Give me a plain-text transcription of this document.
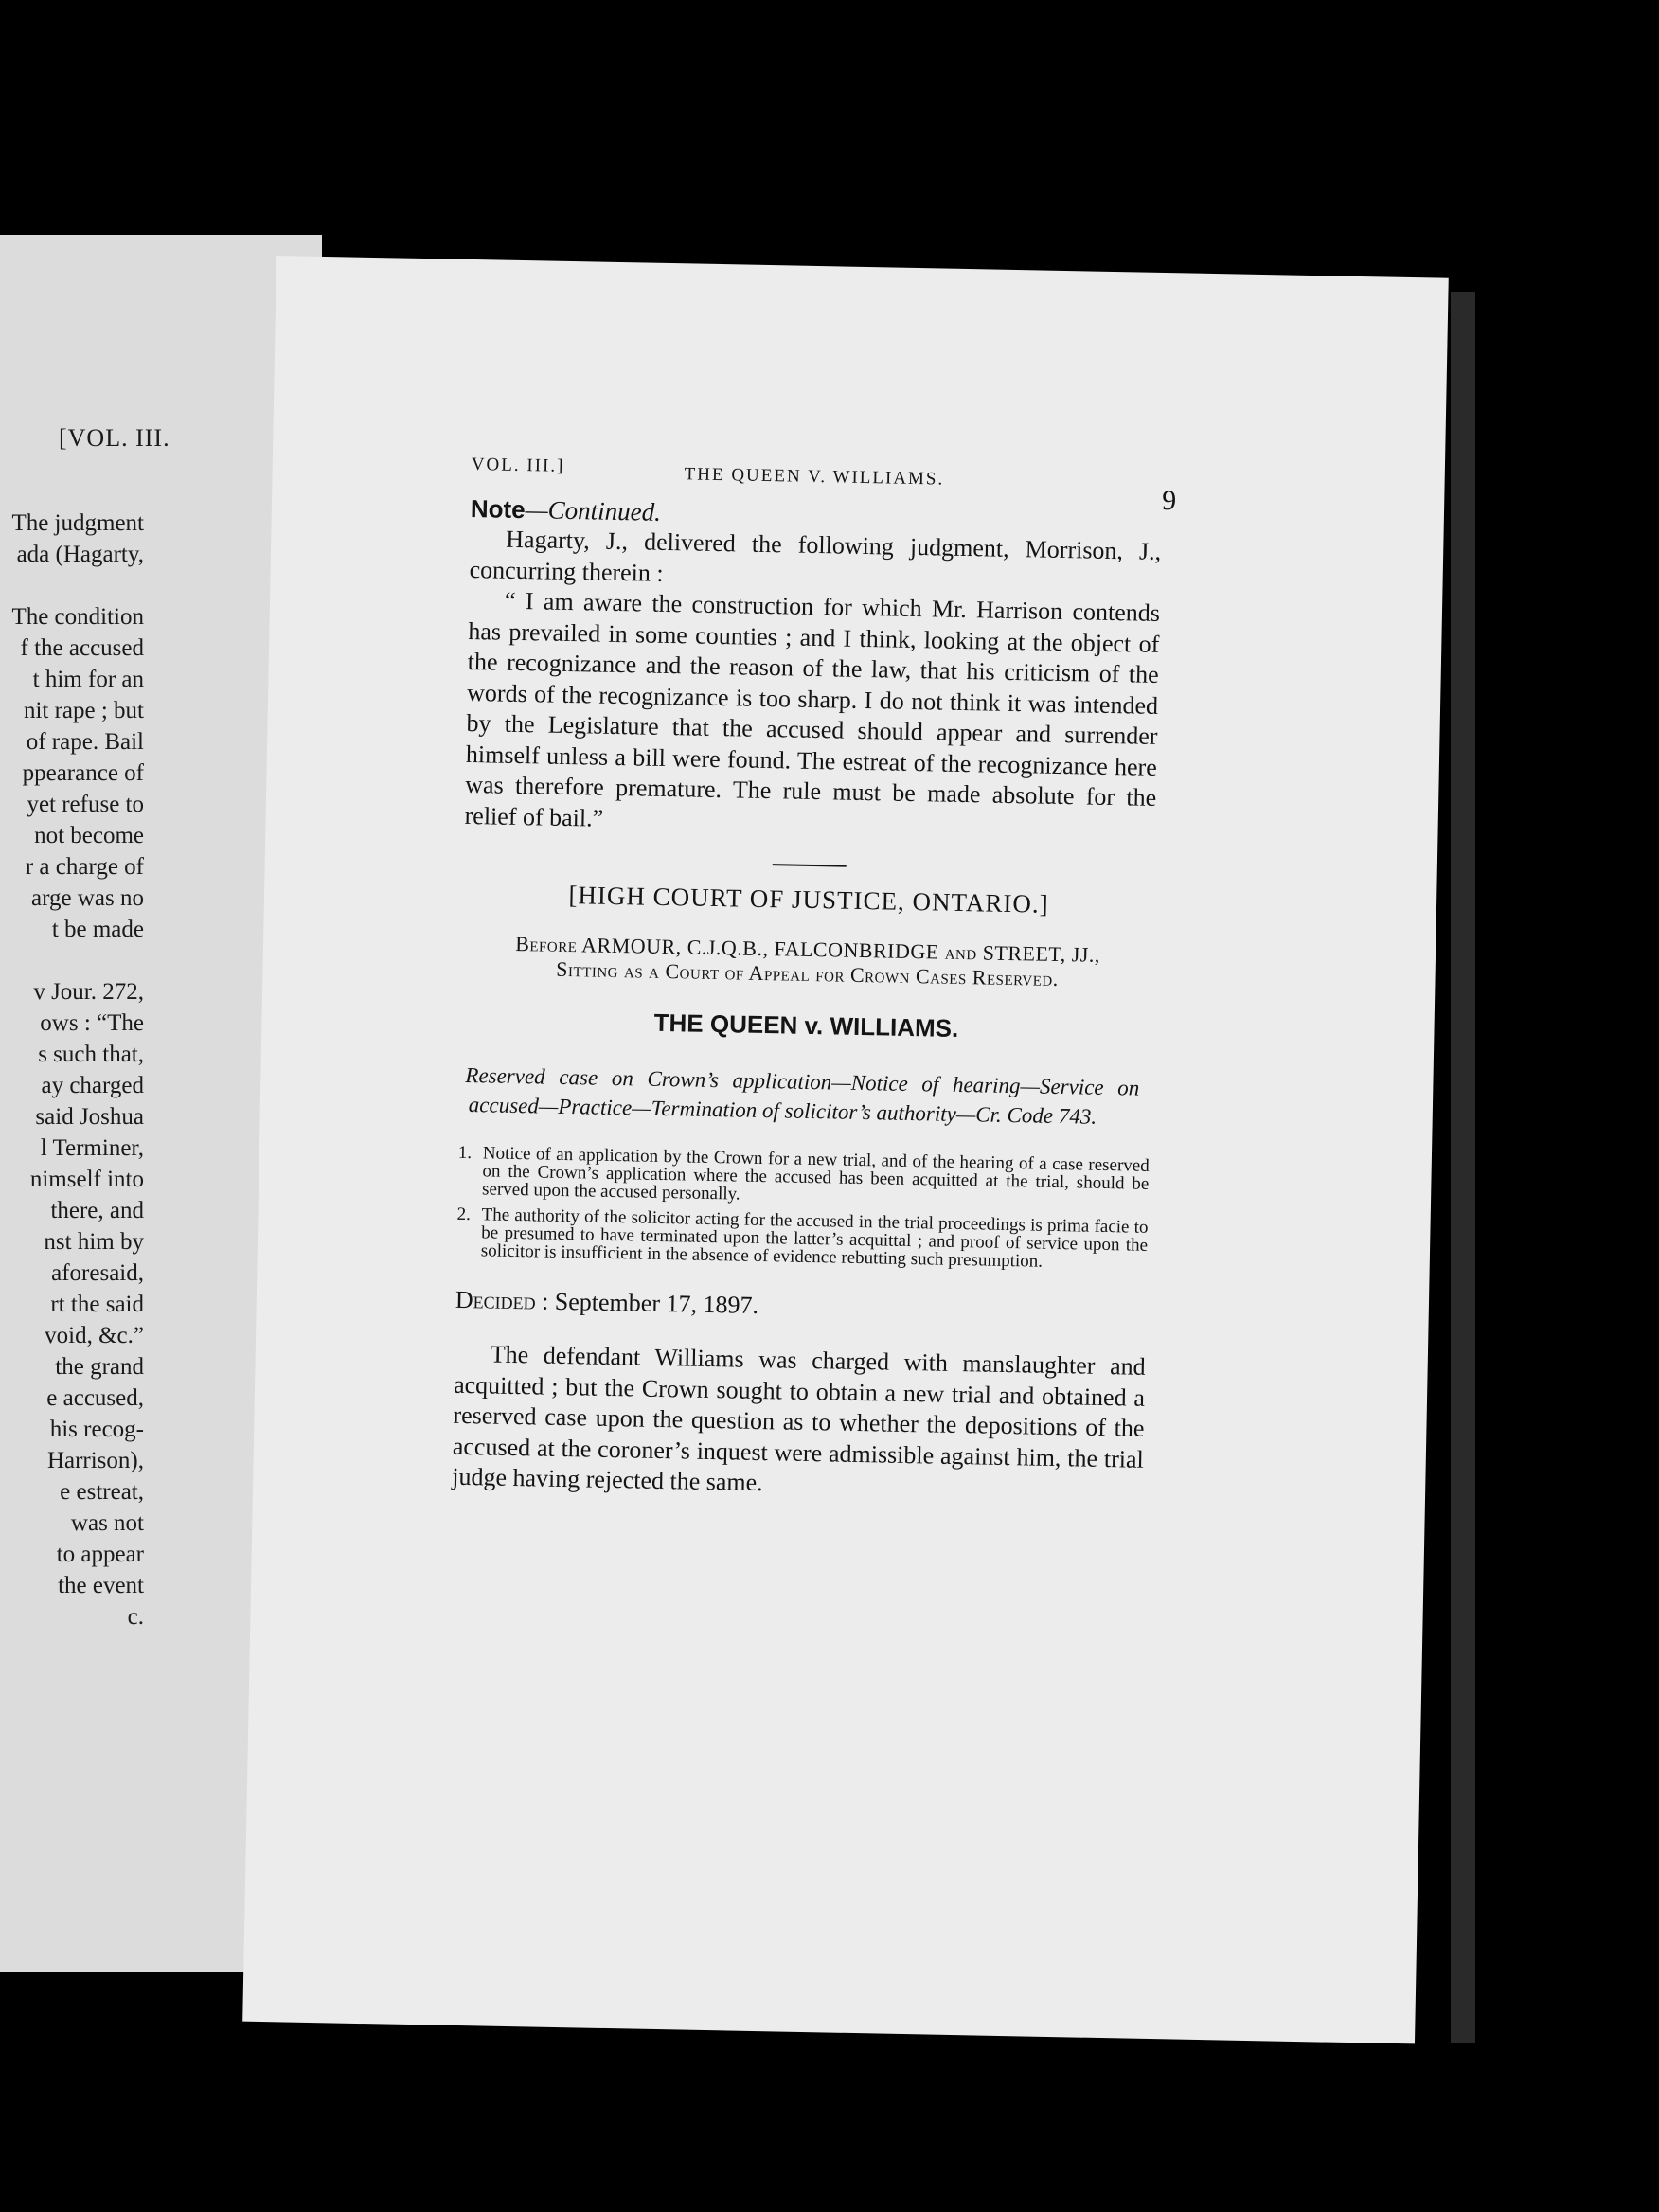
[VOL. III.
The judgment
ada (Hagarty,
The condition
f the accused
t him for an
nit rape ; but
of rape. Bail
ppearance of
yet refuse to
not become
r a charge of
arge was no
t be made
v Jour. 272,
ows : “The
s such that,
ay charged
said Joshua
l Terminer,
nimself into
there, and
nst him by
aforesaid,
rt the said
void, &c.”
the grand
e accused,
his recog-
Harrison),
e estreat,
was not
to appear
the event
c.
VOL. III.]	THE QUEEN V. WILLIAMS.
9
Note—Continued.

Hagarty, J., delivered the following judgment, Morrison, J., concurring therein :

“ I am aware the construction for which Mr. Harrison contends has prevailed in some counties ; and I think, looking at the object of the recognizance and the reason of the law, that his criticism of the words of the recognizance is too sharp. I do not think it was intended by the Legislature that the accused should appear and surrender himself unless a bill were found. The estreat of the recognizance here was therefore premature. The rule must be made absolute for the relief of bail.”

[HIGH COURT OF JUSTICE, ONTARIO.]
Before ARMOUR, C.J.Q.B., FALCONBRIDGE and STREET, JJ.,
Sitting as a Court of Appeal for Crown Cases Reserved.
THE QUEEN v. WILLIAMS.
Reserved case on Crown’s application—Notice of hearing—Service on accused—Practice—Termination of solicitor’s authority—Cr. Code 743.
1. Notice of an application by the Crown for a new trial, and of the hearing of a case reserved on the Crown’s application where the accused has been acquitted at the trial, should be served upon the accused personally.
2. The authority of the solicitor acting for the accused in the trial proceedings is prima facie to be presumed to have terminated upon the latter’s acquittal ; and proof of service upon the solicitor is insufficient in the absence of evidence rebutting such presumption.
Decided : September 17, 1897.

The defendant Williams was charged with manslaughter and acquitted ; but the Crown sought to obtain a new trial and obtained a reserved case upon the question as to whether the depositions of the accused at the coroner’s inquest were admissible against him, the trial judge having rejected the same.
